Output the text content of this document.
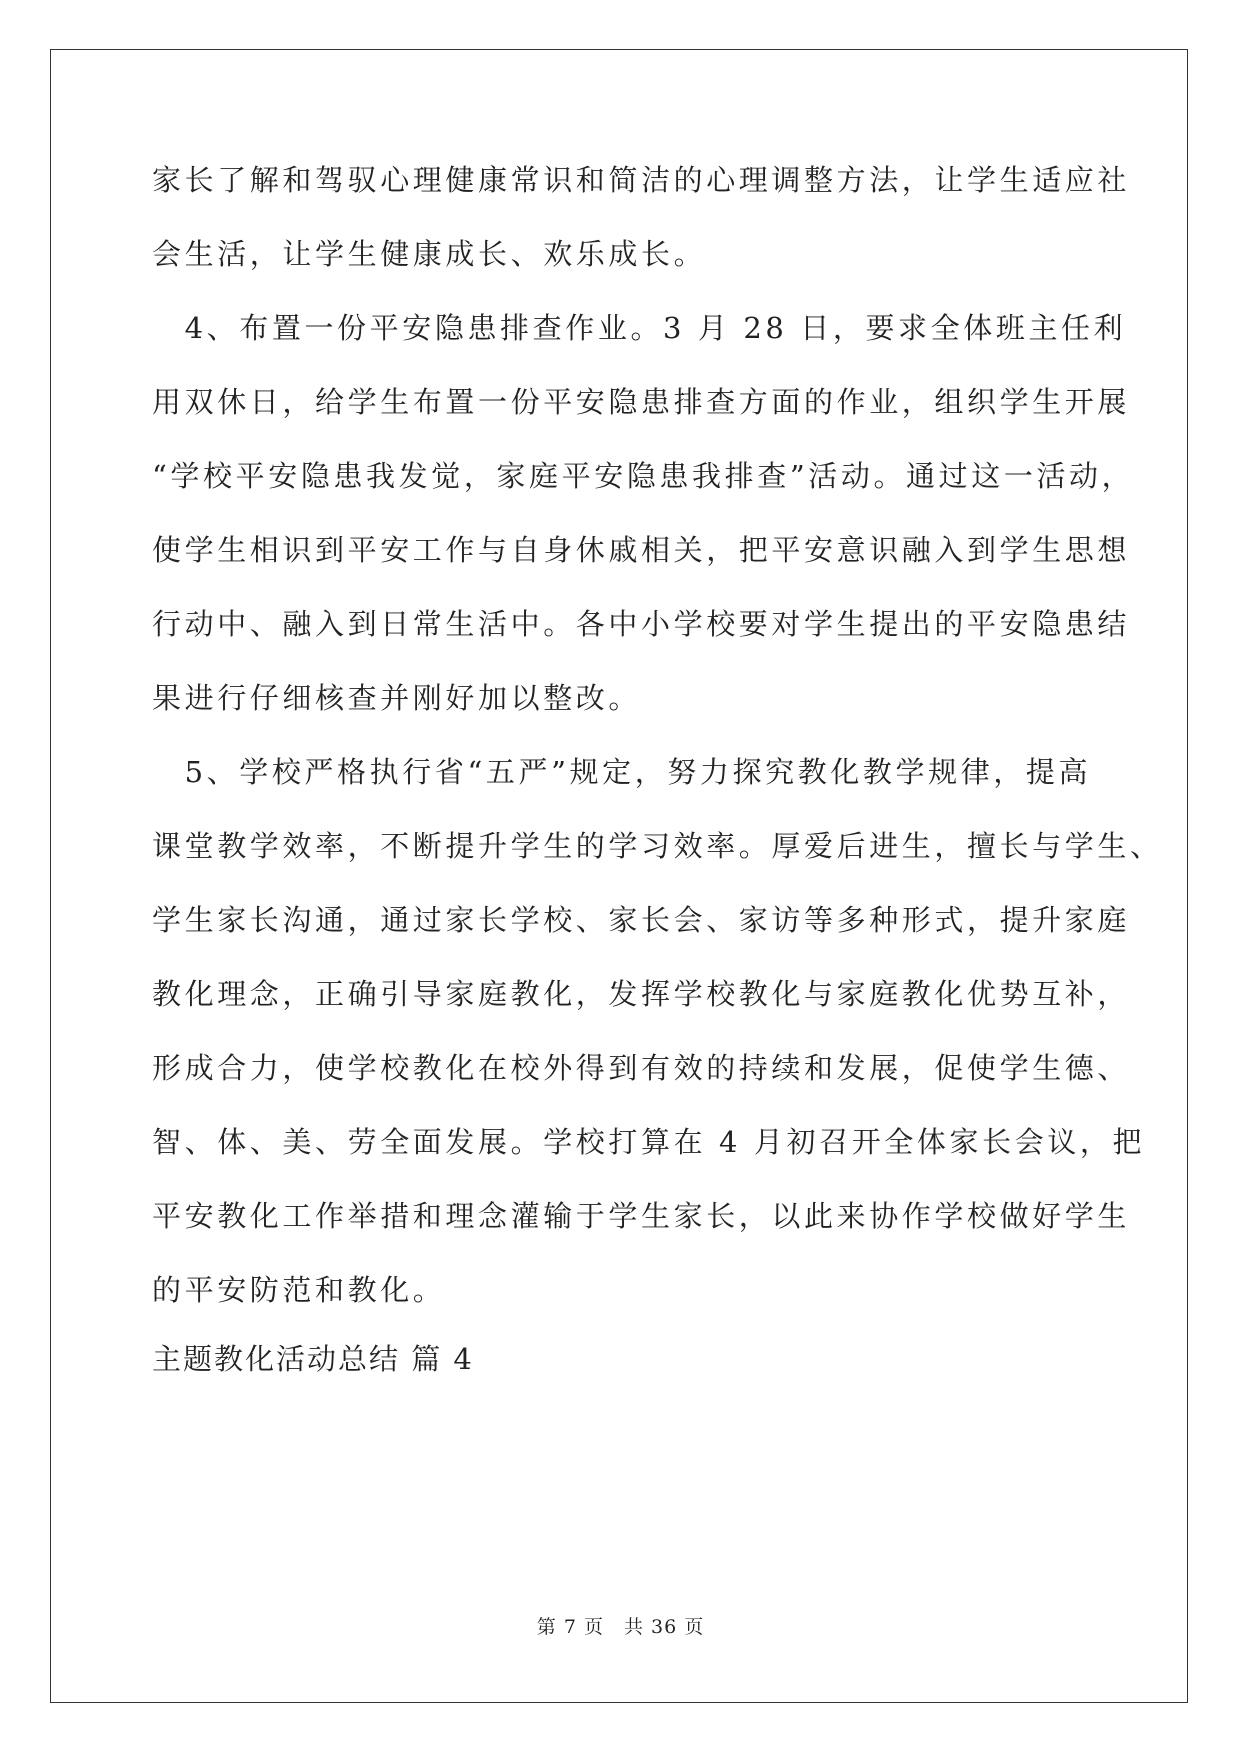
家长了解和驾驭心理健康常识和简洁的心理调整方法，让学生适应社
会生活，让学生健康成长、欢乐成长。
　4、布置一份平安隐患排查作业。3 月 28 日，要求全体班主任利
用双休日，给学生布置一份平安隐患排查方面的作业，组织学生开展
“学校平安隐患我发觉，家庭平安隐患我排查”活动。通过这一活动，
使学生相识到平安工作与自身休戚相关，把平安意识融入到学生思想
行动中、融入到日常生活中。各中小学校要对学生提出的平安隐患结
果进行仔细核查并刚好加以整改。
　5、学校严格执行省“五严”规定，努力探究教化教学规律，提高
课堂教学效率，不断提升学生的学习效率。厚爱后进生，擅长与学生、
学生家长沟通，通过家长学校、家长会、家访等多种形式，提升家庭
教化理念，正确引导家庭教化，发挥学校教化与家庭教化优势互补，
形成合力，使学校教化在校外得到有效的持续和发展，促使学生德、
智、体、美、劳全面发展。学校打算在 4 月初召开全体家长会议，把
平安教化工作举措和理念灌输于学生家长，以此来协作学校做好学生
的平安防范和教化。
主题教化活动总结 篇 4
第 7 页　共 36 页
